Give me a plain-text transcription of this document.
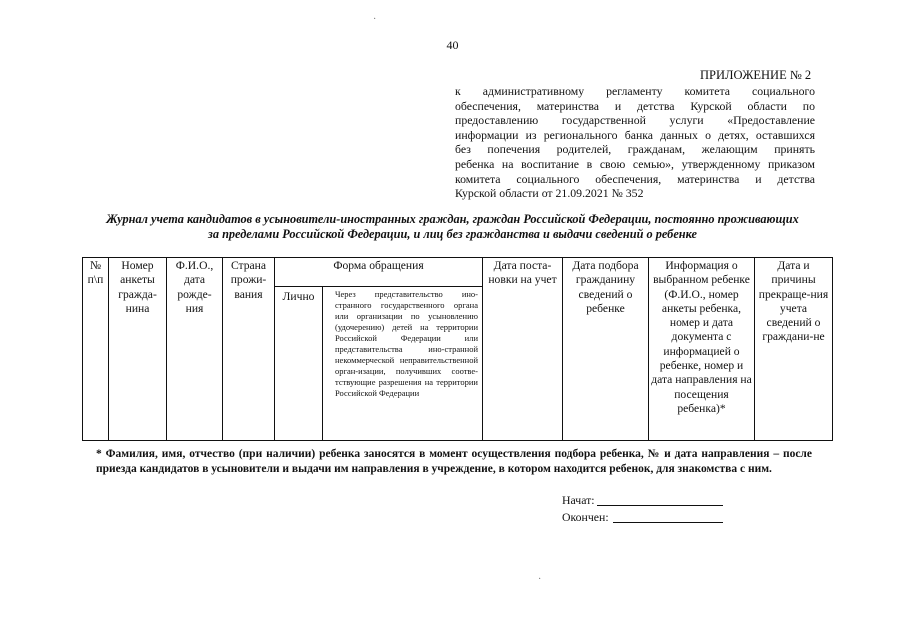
·
·
40
ПРИЛОЖЕНИЕ № 2
к административному регламенту комитета социального
обеспечения, материнства и детства Курской области по
предоставлению государственной услуги «Предоставление
информации из регионального банка данных о детях, оставшихся
без попечения родителей, гражданам, желающим принять
ребенка на воспитание в свою семью», утвержденному приказом
комитета социального обеспечения, материнства и детства
Курской области от 21.09.2021 № 352
Журнал учета кандидатов в усыновители-иностранных граждан, граждан Российской Федерации, постоянно проживающих
за пределами Российской Федерации, и лиц без гражданства и выдачи сведений о ребенке
№ п\п	Номер анкеты гражда-нина	Ф.И.О., дата рожде-ния	Страна прожи-вания	Форма обращения		Дата поста-новки на учет	Дата подбора гражданину сведений о ребенке	Информация о выбранном ребенке (Ф.И.О., номер анкеты ребенка, номер и дата документа с информацией о ребенке, номер и дата направления на посещения ребенка)*	Дата и причины прекраще-ния учета сведений о граждани-не
				Лично	Через представительство ино-странного государственного органа или организации по усыновлению (удочерению) детей на территории Российской Федерации или представительства ино-странной некоммерческой неправительственной орган-изации, получивших соотве-тствующие разрешения на территории Российской Федерации				
* Фамилия, имя, отчество (при наличии) ребенка заносятся в момент осуществления подбора ребенка, № и дата направления – после приезда кандидатов в усыновители и выдачи им направления в учреждение, в котором находится ребенок, для знакомства с ним.
Начат:
Окончен:
